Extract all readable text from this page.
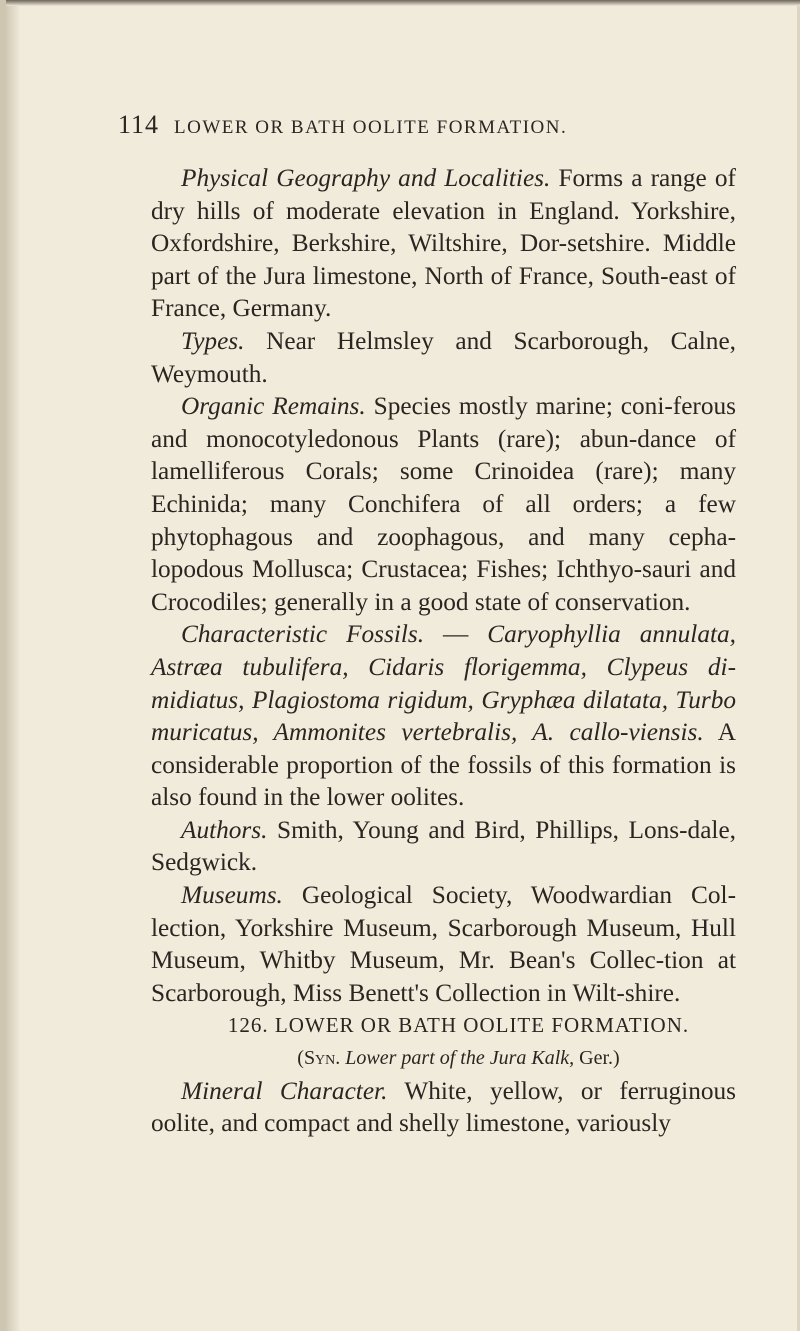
114 LOWER OR BATH OOLITE FORMATION.

Physical Geography and Localities. Forms a range of dry hills of moderate elevation in England. Yorkshire, Oxfordshire, Berkshire, Wiltshire, Dor-setshire. Middle part of the Jura limestone, North of France, South-east of France, Germany.

Types. Near Helmsley and Scarborough, Calne, Weymouth.

Organic Remains. Species mostly marine; coni-ferous and monocotyledonous Plants (rare); abun-dance of lamelliferous Corals; some Crinoidea (rare); many Echinida; many Conchifera of all orders; a few phytophagous and zoophagous, and many cepha-lopodous Mollusca; Crustacea; Fishes; Ichthyo-sauri and Crocodiles; generally in a good state of conservation.

Characteristic Fossils. — Caryophyllia annulata, Astræa tubulifera, Cidaris florigemma, Clypeus di-midiatus, Plagiostoma rigidum, Gryphæa dilatata, Turbo muricatus, Ammonites vertebralis, A. callo-viensis. A considerable proportion of the fossils of this formation is also found in the lower oolites.

Authors. Smith, Young and Bird, Phillips, Lons-dale, Sedgwick.

Museums. Geological Society, Woodwardian Col-lection, Yorkshire Museum, Scarborough Museum, Hull Museum, Whitby Museum, Mr. Bean's Collec-tion at Scarborough, Miss Benett's Collection in Wilt-shire.

126. LOWER OR BATH OOLITE FORMATION.

(Syn. Lower part of the Jura Kalk, Ger.)

Mineral Character. White, yellow, or ferruginous oolite, and compact and shelly limestone, variously
